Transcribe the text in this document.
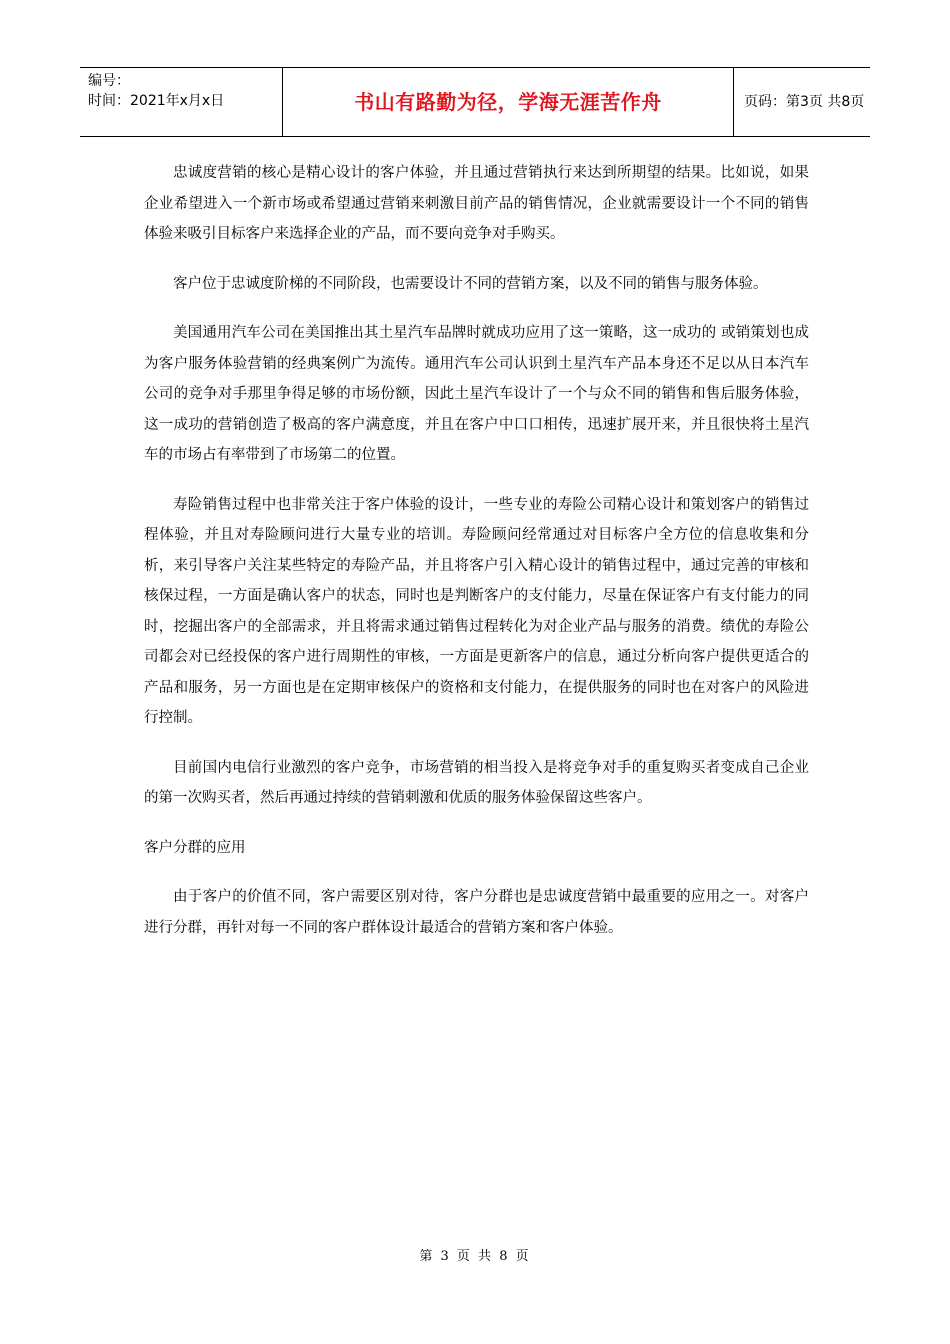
编号：
时间：2021年x月x日	书山有路勤为径，学海无涯苦作舟	页码：第3页 共8页

忠诚度营销的核心是精心设计的客户体验，并且通过营销执行来达到所期望的结果。比如说，如果企业希望进入一个新市场或希望通过营销来刺激目前产品的销售情况，企业就需要设计一个不同的销售体验来吸引目标客户来选择企业的产品，而不要向竞争对手购买。

客户位于忠诚度阶梯的不同阶段，也需要设计不同的营销方案，以及不同的销售与服务体验。

美国通用汽车公司在美国推出其土星汽车品牌时就成功应用了这一策略，这一成功的 或销策划也成为客户服务体验营销的经典案例广为流传。通用汽车公司认识到土星汽车产品本身还不足以从日本汽车公司的竞争对手那里争得足够的市场份额，因此土星汽车设计了一个与众不同的销售和售后服务体验，这一成功的营销创造了极高的客户满意度，并且在客户中口口相传，迅速扩展开来，并且很快将土星汽车的市场占有率带到了市场第二的位置。

寿险销售过程中也非常关注于客户体验的设计，一些专业的寿险公司精心设计和策划客户的销售过程体验，并且对寿险顾问进行大量专业的培训。寿险顾问经常通过对目标客户全方位的信息收集和分析，来引导客户关注某些特定的寿险产品，并且将客户引入精心设计的销售过程中，通过完善的审核和核保过程，一方面是确认客户的状态，同时也是判断客户的支付能力，尽量在保证客户有支付能力的同时，挖掘出客户的全部需求，并且将需求通过销售过程转化为对企业产品与服务的消费。绩优的寿险公司都会对已经投保的客户进行周期性的审核，一方面是更新客户的信息，通过分析向客户提供更适合的产品和服务，另一方面也是在定期审核保户的资格和支付能力，在提供服务的同时也在对客户的风险进行控制。

目前国内电信行业激烈的客户竞争，市场营销的相当投入是将竞争对手的重复购买者变成自己企业的第一次购买者，然后再通过持续的营销刺激和优质的服务体验保留这些客户。

客户分群的应用

由于客户的价值不同，客户需要区别对待，客户分群也是忠诚度营销中最重要的应用之一。对客户进行分群，再针对每一不同的客户群体设计最适合的营销方案和客户体验。

第 3 页 共 8 页
